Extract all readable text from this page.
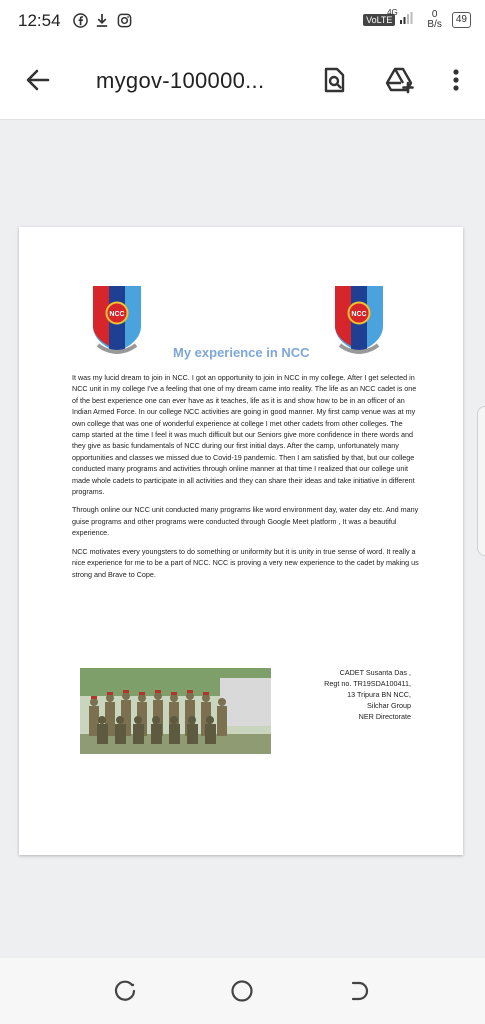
12:54	VoLTE
4G	0
B/s	49
mygov-100000...
NCC	NCC
My experience in NCC

It was my lucid dream to join in NCC. I got an opportunity to join in NCC in my college. After I get selected in NCC unit in my college I've a feeling that one of my dream came into reality. The life as an NCC cadet is one of the best experience one can ever have as it teaches, life as it is and show how to be in an officer of an Indian Armed Force. In our college NCC activities are going in good manner. My first camp venue was at my own college that was one of wonderful experience at college I met other cadets from other colleges. The camp started at the time I feel it was much difficult but our Seniors give more confidence in there words and they give as basic fundamentals of NCC during our first initial days. After the camp, unfortunately many opportunities and classes we missed due to Covid-19 pandemic. Then I am satisfied by that, but our college conducted many programs and activities through online manner at that time I realized that our college unit made whole cadets to participate in all activities and they can share their ideas and take initiative in different programs.

Through online our NCC unit conducted many programs like word environment day, water day etc. And many guise programs and other programs were conducted through Google Meet platform , It was a beautiful experience.

NCC motivates every youngsters to do something or uniformity but it is unity in true sense of word. It really a nice experience for me to be a part of NCC. NCC is proving a very new experience to the cadet by making us strong and Brave to Cope.

CADET Susanta Das ,
Regt no. TR19SDA100411,
13 Tripura BN NCC,
Silchar Group
NER Directorate
